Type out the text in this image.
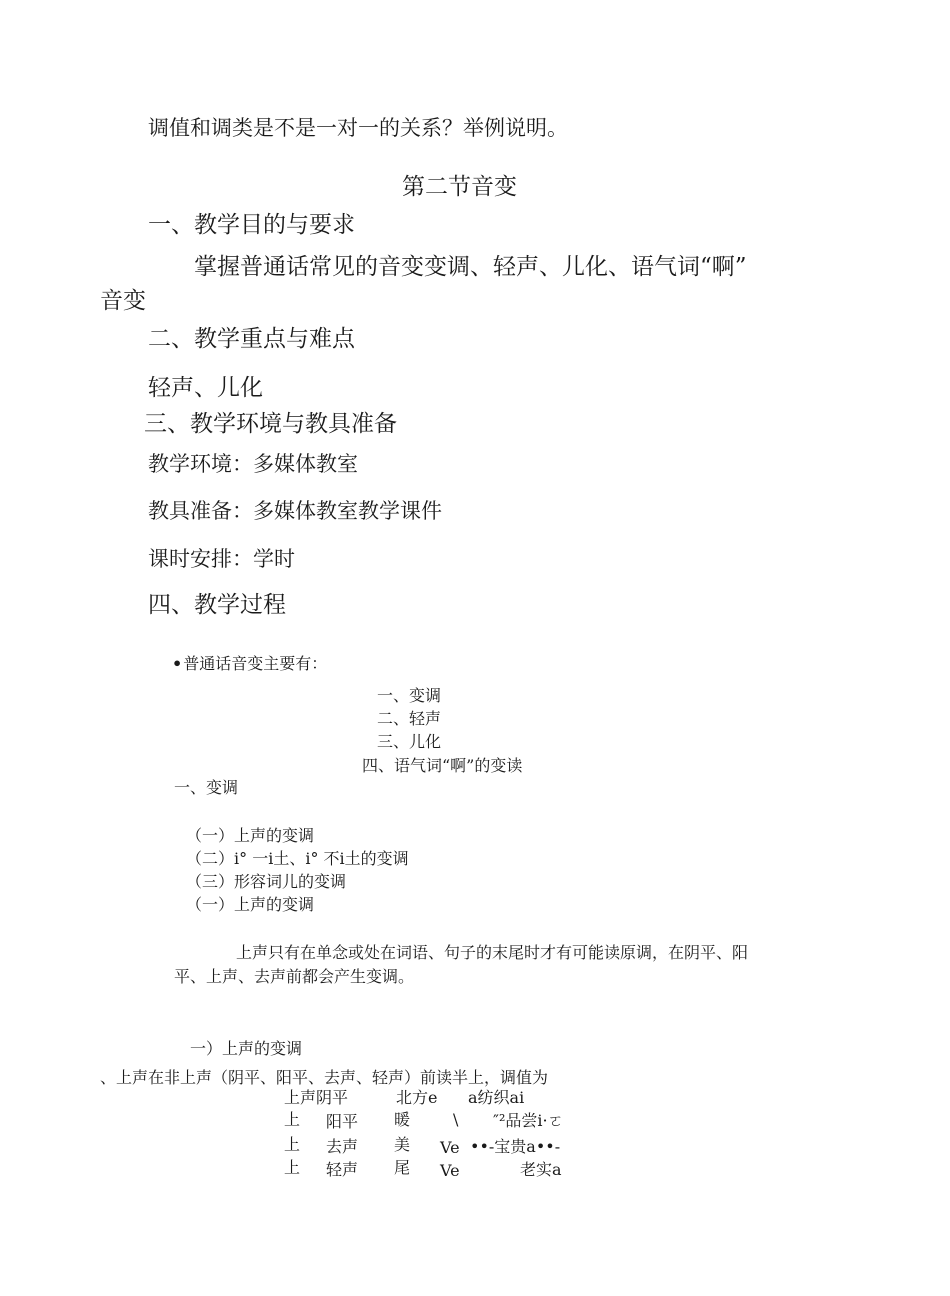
调值和调类是不是一对一的关系？举例说明。
第二节音变
一、教学目的与要求
掌握普通话常见的音变变调、轻声、儿化、语气词“啊”
音变
二、教学重点与难点
轻声、儿化
三、教学环境与教具准备
教学环境：多媒体教室
教具准备：多媒体教室教学课件
课时安排：学时
四、教学过程
•普通话音变主要有：
一、变调
二、轻声
三、儿化
四、语气词“啊”的变读
一、变调
（一）上声的变调
（二）i° 一i土、i° 不i土的变调
（三）形容词儿的变调
（一）上声的变调
上声只有在单念或处在词语、句子的末尾时才有可能读原调，在阴平、阳
平、上声、去声前都会产生变调。
一）上声的变调
、上声在非上声（阴平、阳平、去声、轻声）前读半上，调值为
上声阴平	北方e a纺织ai
上 阳平 暖	\ ″²品尝i·ㄛ
上 去声 美 Ve ••-宝贵a••-
上 轻声 尾 Ve	老实a
